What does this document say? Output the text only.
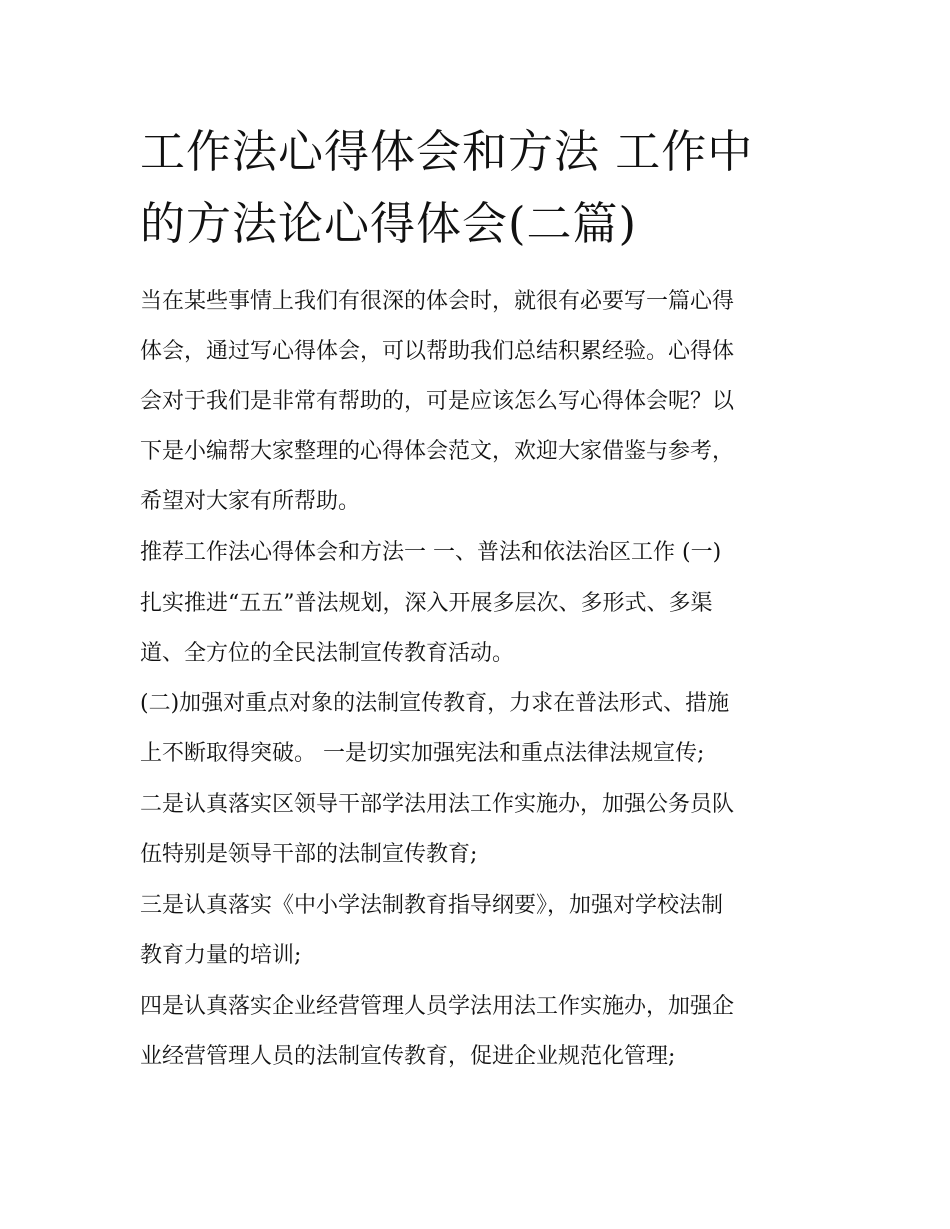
工作法心得体会和方法 工作中
的方法论心得体会(二篇)

当在某些事情上我们有很深的体会时，就很有必要写一篇心得

体会，通过写心得体会，可以帮助我们总结积累经验。心得体

会对于我们是非常有帮助的，可是应该怎么写心得体会呢？以

下是小编帮大家整理的心得体会范文，欢迎大家借鉴与参考，

希望对大家有所帮助。

推荐工作法心得体会和方法一 一、普法和依法治区工作 (一)

扎实推进“五五”普法规划，深入开展多层次、多形式、多渠

道、全方位的全民法制宣传教育活动。

(二)加强对重点对象的法制宣传教育，力求在普法形式、措施

上不断取得突破。 一是切实加强宪法和重点法律法规宣传;

二是认真落实区领导干部学法用法工作实施办，加强公务员队

伍特别是领导干部的法制宣传教育;

三是认真落实《中小学法制教育指导纲要》，加强对学校法制

教育力量的培训;

四是认真落实企业经营管理人员学法用法工作实施办，加强企

业经营管理人员的法制宣传教育，促进企业规范化管理;
